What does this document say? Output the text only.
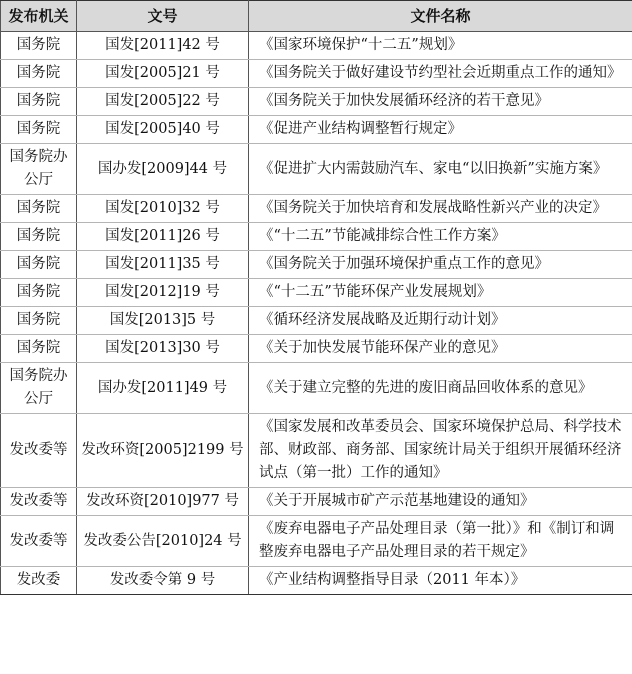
发布机关	文号	文件名称
国务院	国发[2011]42 号	《国家环境保护“十二五”规划》
国务院	国发[2005]21 号	《国务院关于做好建设节约型社会近期重点工作的通知》
国务院	国发[2005]22 号	《国务院关于加快发展循环经济的若干意见》
国务院	国发[2005]40 号	《促进产业结构调整暂行规定》
国务院办公厅	国办发[2009]44 号	《促进扩大内需鼓励汽车、家电“以旧换新”实施方案》
国务院	国发[2010]32 号	《国务院关于加快培育和发展战略性新兴产业的决定》
国务院	国发[2011]26 号	《“十二五”节能减排综合性工作方案》
国务院	国发[2011]35 号	《国务院关于加强环境保护重点工作的意见》
国务院	国发[2012]19 号	《“十二五”节能环保产业发展规划》
国务院	国发[2013]5 号	《循环经济发展战略及近期行动计划》
国务院	国发[2013]30 号	《关于加快发展节能环保产业的意见》
国务院办公厅	国办发[2011]49 号	《关于建立完整的先进的废旧商品回收体系的意见》
发改委等	发改环资[2005]2199 号	《国家发展和改革委员会、国家环境保护总局、科学技术部、财政部、商务部、国家统计局关于组织开展循环经济试点（第一批）工作的通知》
发改委等	发改环资[2010]977 号	《关于开展城市矿产示范基地建设的通知》
发改委等	发改委公告[2010]24 号	《废弃电器电子产品处理目录（第一批）》和《制订和调整废弃电器电子产品处理目录的若干规定》
发改委	发改委令第 9 号	《产业结构调整指导目录（2011 年本）》
